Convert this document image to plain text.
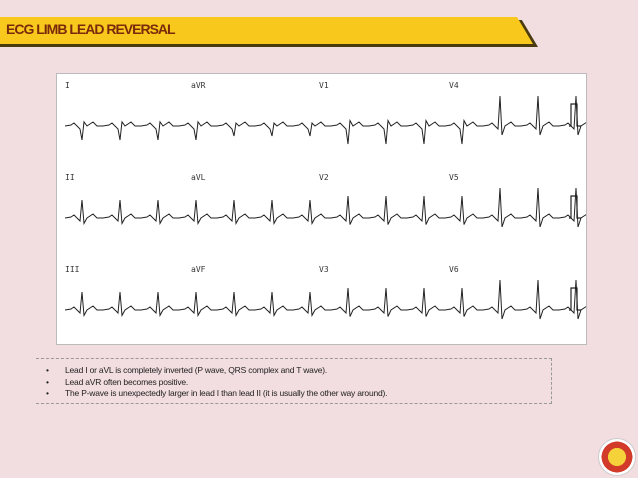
ECG LIMB LEAD REVERSAL
I	aVR	V1	V4
II	aVL	V2	V5
III	aVF	V3	V6
• Lead I or aVL is completely inverted (P wave, QRS complex and T wave).
• Lead aVR often becomes positive.
• The P-wave is unexpectedly larger in lead I than lead II (it is usually the other way around).
